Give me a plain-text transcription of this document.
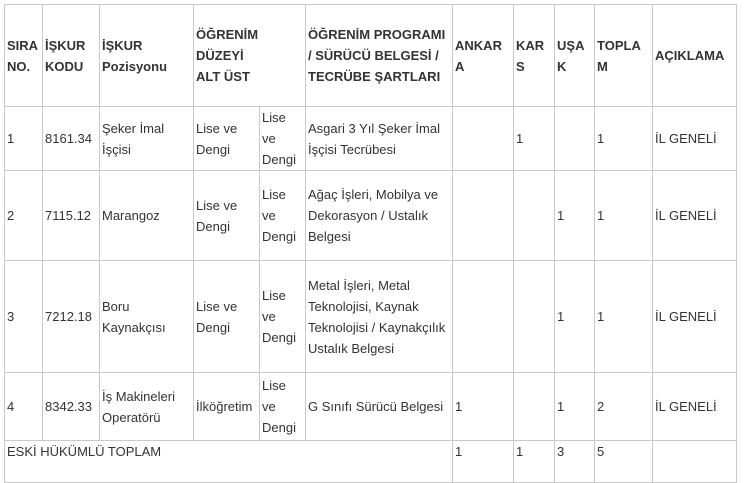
SIRA NO.	İŞKUR KODU	İŞKUR Pozisyonu	ÖĞRENİM DÜZEYİ ALT ÜST		ÖĞRENİM PROGRAMI / SÜRÜCÜ BELGESİ / TECRÜBE ŞARTLARI	ANKARA	KARS	UŞAK	TOPLAM	AÇIKLAMA
1	8161.34	Şeker İmal İşçisi	Lise ve Dengi	Lise ve Dengi	Asgari 3 Yıl Şeker İmal İşçisi Tecrübesi		1		1	İL GENELİ
2	7115.12	Marangoz	Lise ve Dengi	Lise ve Dengi	Ağaç İşleri, Mobilya ve Dekorasyon / Ustalık Belgesi			1	1	İL GENELİ
3	7212.18	Boru Kaynakçısı	Lise ve Dengi	Lise ve Dengi	Metal İşleri, Metal Teknolojisi, Kaynak Teknolojisi / Kaynakçılık Ustalık Belgesi			1	1	İL GENELİ
4	8342.33	İş Makineleri Operatörü	İlköğretim	Lise ve Dengi	G Sınıfı Sürücü Belgesi	1		1	2	İL GENELİ
ESKİ HÜKÜMLÜ TOPLAM						1	1	3	5	
